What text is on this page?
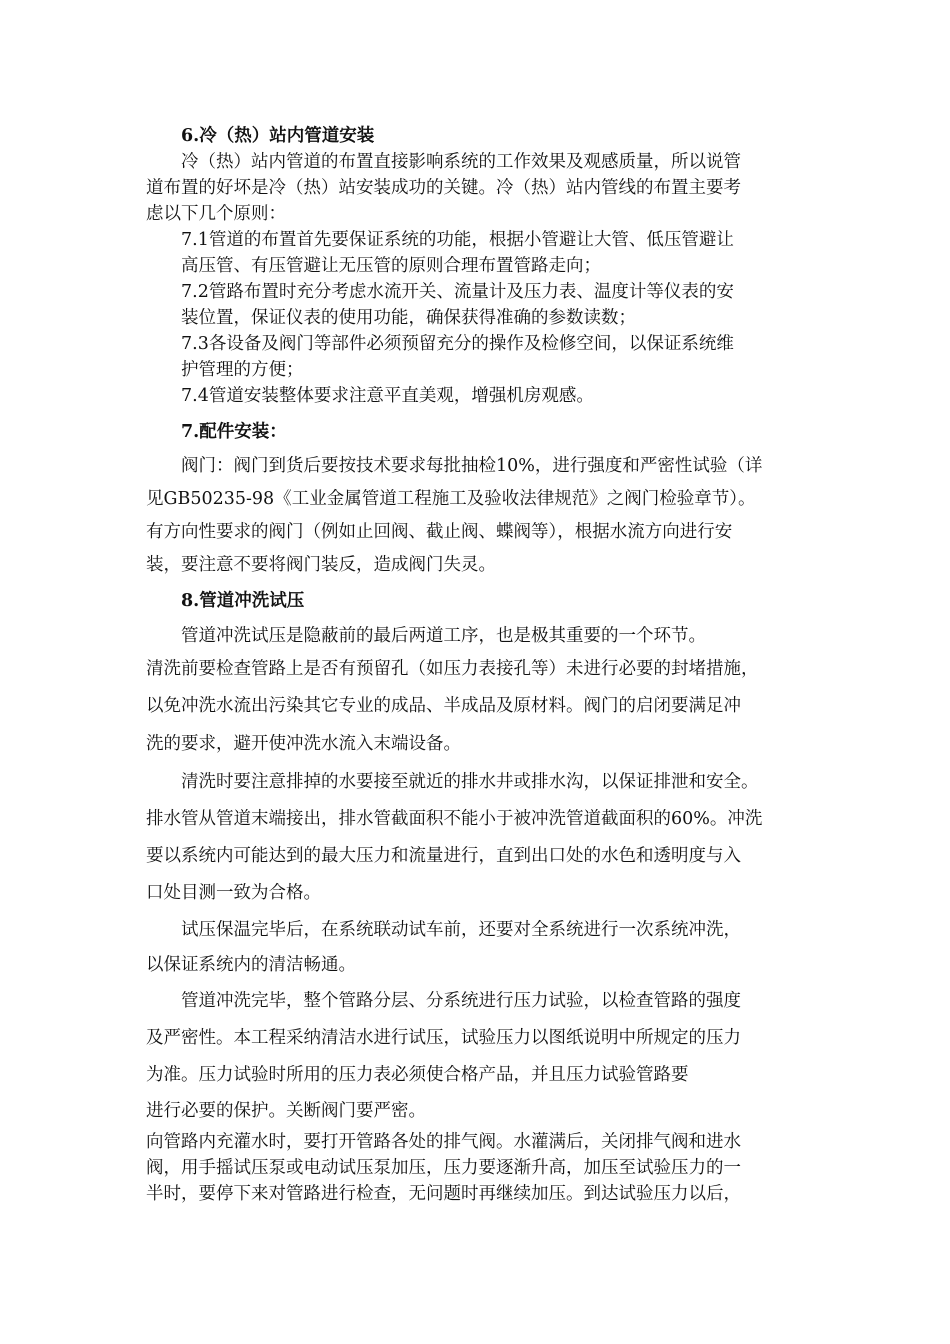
6.冷（热）站内管道安装
冷（热）站内管道的布置直接影响系统的工作效果及观感质量，所以说管
道布置的好坏是冷（热）站安装成功的关键。冷（热）站内管线的布置主要考
虑以下几个原则：
7.1管道的布置首先要保证系统的功能，根据小管避让大管、低压管避让
高压管、有压管避让无压管的原则合理布置管路走向；
7.2管路布置时充分考虑水流开关、流量计及压力表、温度计等仪表的安
装位置，保证仪表的使用功能，确保获得准确的参数读数；
7.3各设备及阀门等部件必须预留充分的操作及检修空间，以保证系统维
护管理的方便；
7.4管道安装整体要求注意平直美观，增强机房观感。
7.配件安装：
阀门：阀门到货后要按技术要求每批抽检10%，进行强度和严密性试验（详
见GB50235-98《工业金属管道工程施工及验收法律规范》之阀门检验章节）。
有方向性要求的阀门（例如止回阀、截止阀、蝶阀等），根据水流方向进行安
装，要注意不要将阀门装反，造成阀门失灵。
8.管道冲洗试压
管道冲洗试压是隐蔽前的最后两道工序，也是极其重要的一个环节。
清洗前要检查管路上是否有预留孔（如压力表接孔等）未进行必要的封堵措施，
以免冲洗水流出污染其它专业的成品、半成品及原材料。阀门的启闭要满足冲
洗的要求，避开使冲洗水流入末端设备。
清洗时要注意排掉的水要接至就近的排水井或排水沟，以保证排泄和安全。
排水管从管道末端接出，排水管截面积不能小于被冲洗管道截面积的60%。冲洗
要以系统内可能达到的最大压力和流量进行，直到出口处的水色和透明度与入
口处目测一致为合格。
试压保温完毕后，在系统联动试车前，还要对全系统进行一次系统冲洗，
以保证系统内的清洁畅通。
管道冲洗完毕，整个管路分层、分系统进行压力试验，以检查管路的强度
及严密性。本工程采纳清洁水进行试压，试验压力以图纸说明中所规定的压力
为准。压力试验时所用的压力表必须使合格产品，并且压力试验管路要
进行必要的保护。关断阀门要严密。
向管路内充灌水时，要打开管路各处的排气阀。水灌满后，关闭排气阀和进水
阀，用手摇试压泵或电动试压泵加压，压力要逐渐升高，加压至试验压力的一
半时，要停下来对管路进行检查，无问题时再继续加压。到达试验压力以后，
